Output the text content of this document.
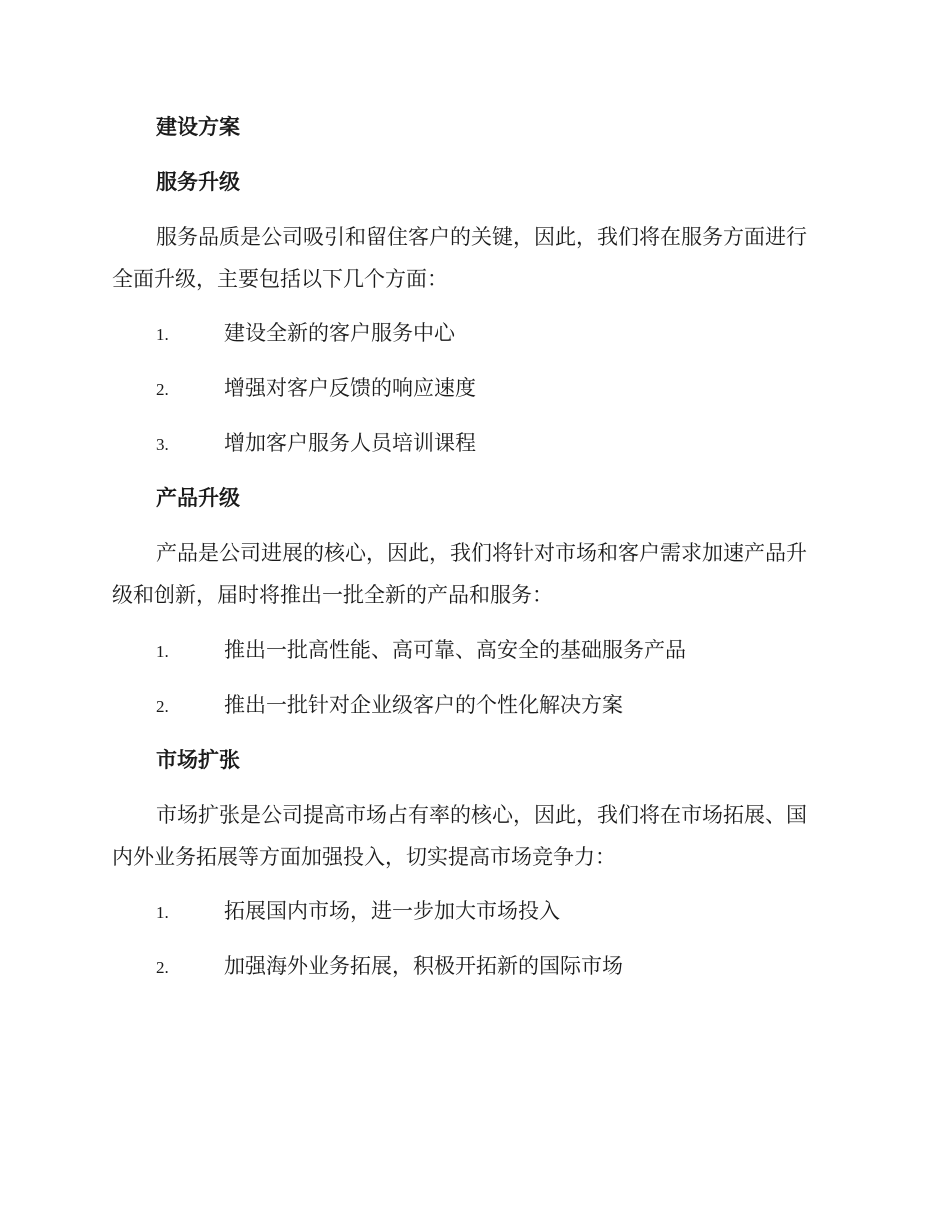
建设方案
服务升级
服务品质是公司吸引和留住客户的关键，因此，我们将在服务方面进行
全面升级，主要包括以下几个方面：
1.	建设全新的客户服务中心
2.	增强对客户反馈的响应速度
3.	增加客户服务人员培训课程
产品升级
产品是公司进展的核心，因此，我们将针对市场和客户需求加速产品升
级和创新，届时将推出一批全新的产品和服务：
1.	推出一批高性能、高可靠、高安全的基础服务产品
2.	推出一批针对企业级客户的个性化解决方案
市场扩张
市场扩张是公司提高市场占有率的核心，因此，我们将在市场拓展、国
内外业务拓展等方面加强投入，切实提高市场竞争力：
1.	拓展国内市场，进一步加大市场投入
2.	加强海外业务拓展，积极开拓新的国际市场
